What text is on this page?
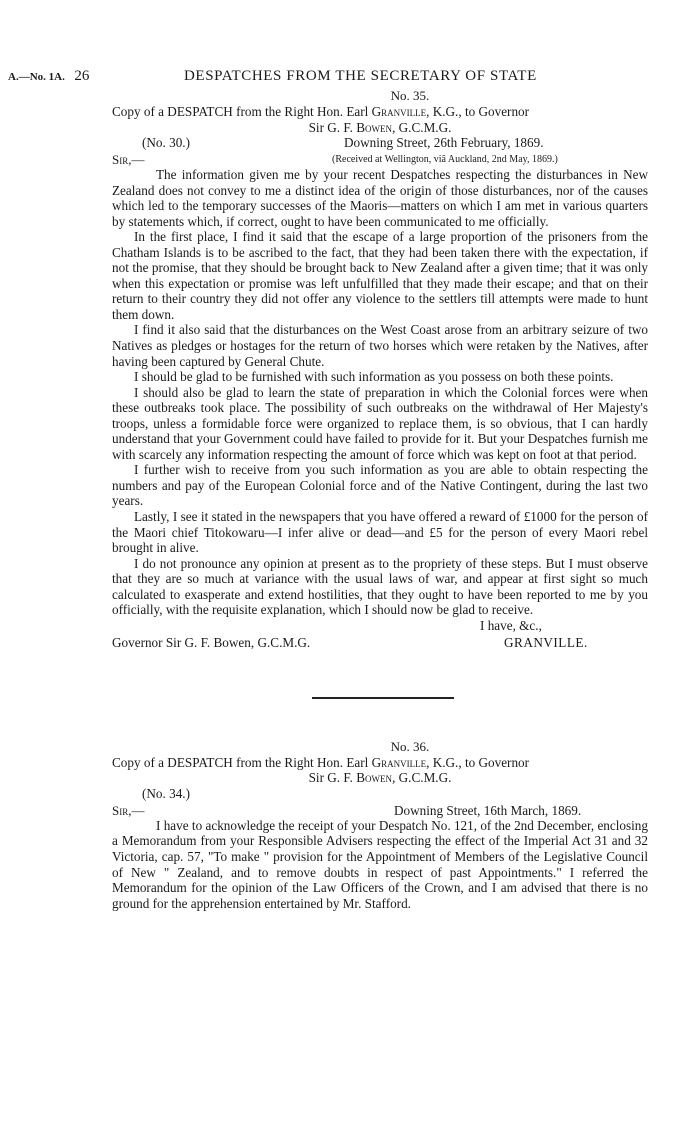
A.—No. 1A. 26	DESPATCHES FROM THE SECRETARY OF STATE
No. 35.
Copy of a DESPATCH from the Right Hon. Earl Granville, K.G., to Governor
Sir G. F. Bowen, G.C.M.G.
(No. 30.)	Downing Street, 26th February, 1869.
Sir,—	(Received at Wellington, viâ Auckland, 2nd May, 1869.)

The information given me by your recent Despatches respecting the disturbances in New Zealand does not convey to me a distinct idea of the origin of those disturbances, nor of the causes which led to the temporary successes of the Maoris—matters on which I am met in various quarters by statements which, if correct, ought to have been communicated to me officially.

In the first place, I find it said that the escape of a large proportion of the prisoners from the Chatham Islands is to be ascribed to the fact, that they had been taken there with the expectation, if not the promise, that they should be brought back to New Zealand after a given time; that it was only when this expectation or promise was left unfulfilled that they made their escape; and that on their return to their country they did not offer any violence to the settlers till attempts were made to hunt them down.

I find it also said that the disturbances on the West Coast arose from an arbitrary seizure of two Natives as pledges or hostages for the return of two horses which were retaken by the Natives, after having been captured by General Chute.

I should be glad to be furnished with such information as you possess on both these points.

I should also be glad to learn the state of preparation in which the Colonial forces were when these outbreaks took place. The possibility of such outbreaks on the withdrawal of Her Majesty's troops, unless a formidable force were organized to replace them, is so obvious, that I can hardly understand that your Government could have failed to provide for it. But your Despatches furnish me with scarcely any information respecting the amount of force which was kept on foot at that period.

I further wish to receive from you such information as you are able to obtain respecting the numbers and pay of the European Colonial force and of the Native Contingent, during the last two years.

Lastly, I see it stated in the newspapers that you have offered a reward of £1000 for the person of the Maori chief Titokowaru—I infer alive or dead—and £5 for the person of every Maori rebel brought in alive.

I do not pronounce any opinion at present as to the propriety of these steps. But I must observe that they are so much at variance with the usual laws of war, and appear at first sight so much calculated to exasperate and extend hostilities, that they ought to have been reported to me by you officially, with the requisite explanation, which I should now be glad to receive.

I have, &c.,
Governor Sir G. F. Bowen, G.C.M.G.	GRANVILLE.
No. 36.
Copy of a DESPATCH from the Right Hon. Earl Granville, K.G., to Governor
Sir G. F. Bowen, G.C.M.G.
(No. 34.)
Sir,—	Downing Street, 16th March, 1869.

I have to acknowledge the receipt of your Despatch No. 121, of the 2nd December, enclosing a Memorandum from your Responsible Advisers respecting the effect of the Imperial Act 31 and 32 Victoria, cap. 57, "To make " provision for the Appointment of Members of the Legislative Council of New " Zealand, and to remove doubts in respect of past Appointments." I referred the Memorandum for the opinion of the Law Officers of the Crown, and I am advised that there is no ground for the apprehension entertained by Mr. Stafford.
